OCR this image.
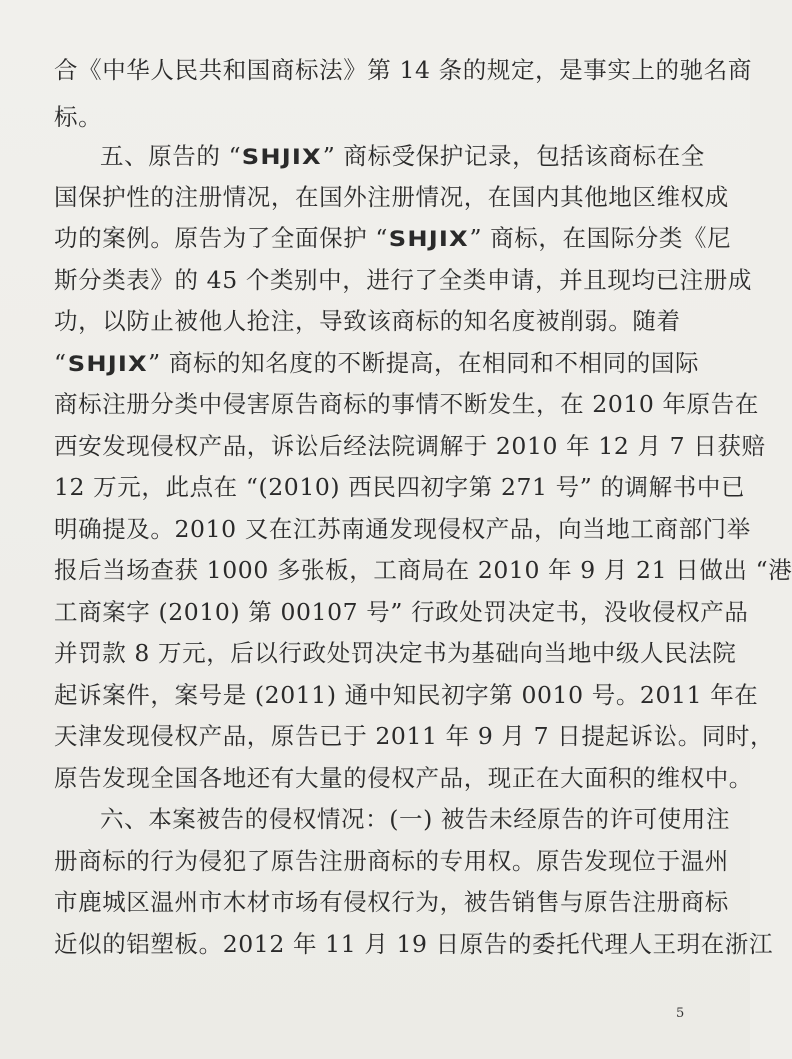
合《中华人民共和国商标法》第 14 条的规定，是事实上的驰名商
标。
五、原告的 “SHJIX” 商标受保护记录，包括该商标在全
国保护性的注册情况，在国外注册情况，在国内其他地区维权成
功的案例。原告为了全面保护 “SHJIX” 商标，在国际分类《尼
斯分类表》的 45 个类别中，进行了全类申请，并且现均已注册成
功，以防止被他人抢注，导致该商标的知名度被削弱。随着
“SHJIX” 商标的知名度的不断提高，在相同和不相同的国际
商标注册分类中侵害原告商标的事情不断发生，在 2010 年原告在
西安发现侵权产品，诉讼后经法院调解于 2010 年 12 月 7 日获赔
12 万元，此点在 “(2010) 西民四初字第 271 号” 的调解书中已
明确提及。2010 又在江苏南通发现侵权产品，向当地工商部门举
报后当场查获 1000 多张板，工商局在 2010 年 9 月 21 日做出 “港
工商案字 (2010) 第 00107 号” 行政处罚决定书，没收侵权产品
并罚款 8 万元，后以行政处罚决定书为基础向当地中级人民法院
起诉案件，案号是 (2011) 通中知民初字第 0010 号。2011 年在
天津发现侵权产品，原告已于 2011 年 9 月 7 日提起诉讼。同时，
原告发现全国各地还有大量的侵权产品，现正在大面积的维权中。
六、本案被告的侵权情况：(一) 被告未经原告的许可使用注
册商标的行为侵犯了原告注册商标的专用权。原告发现位于温州
市鹿城区温州市木材市场有侵权行为，被告销售与原告注册商标
近似的铝塑板。2012 年 11 月 19 日原告的委托代理人王玥在浙江
5
